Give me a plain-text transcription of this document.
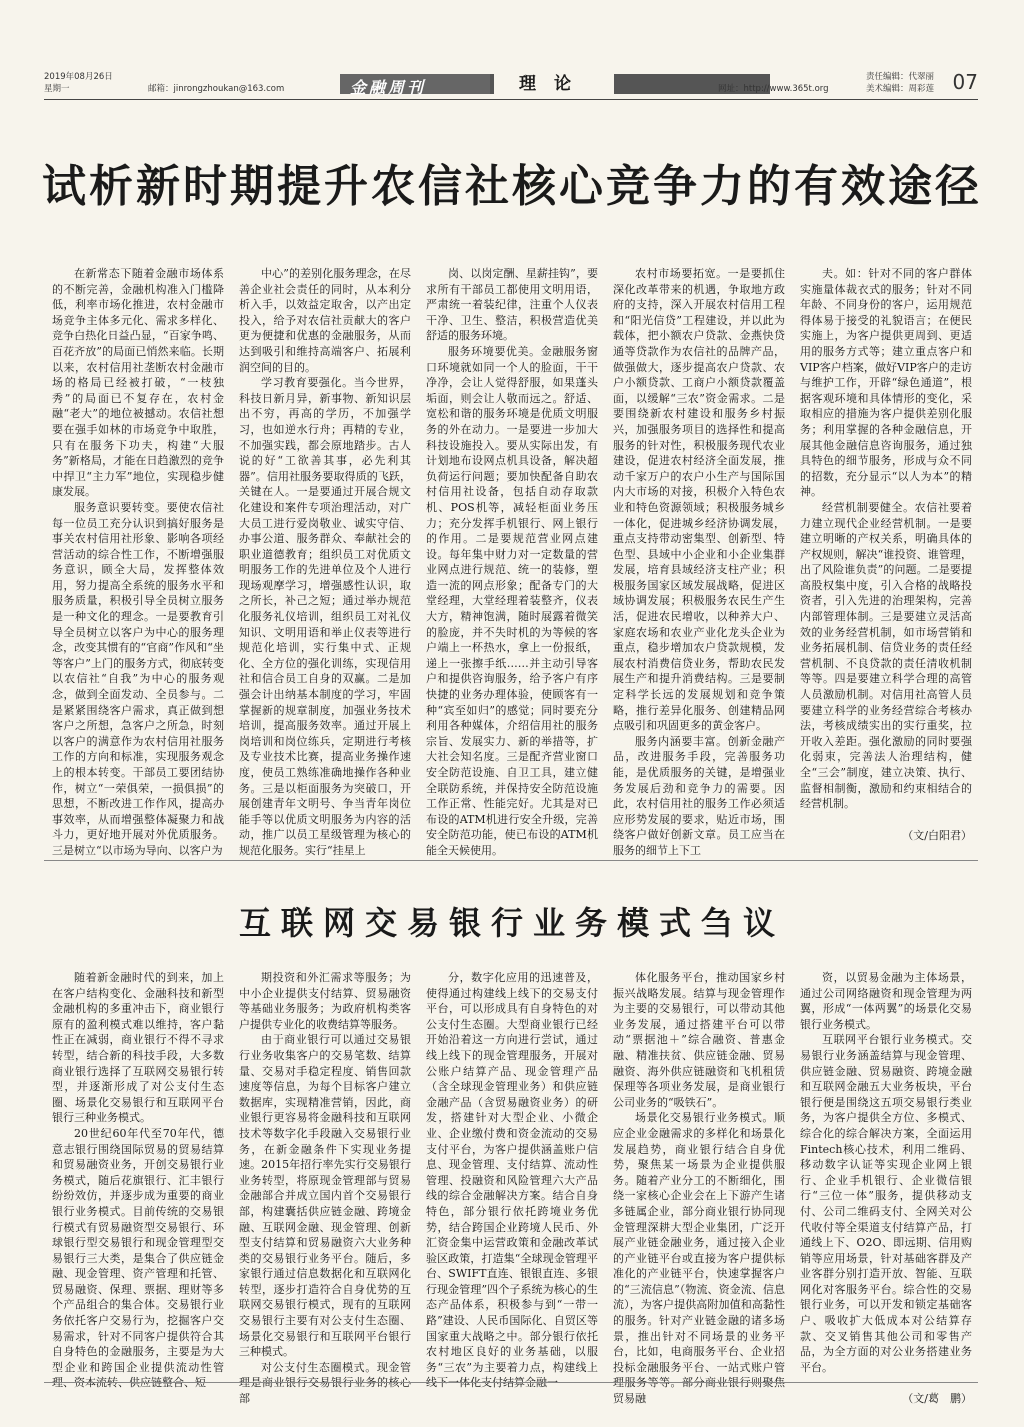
2019年08月26日
星期一	邮箱：jinrongzhoukan@163.com	金融周刊	理论	网址：http://www.365t.org
责任编辑：代翠丽
美术编辑：周彩莲 07
试析新时期提升农信社核心竞争力的有效途径

在新常态下随着金融市场体系的不断完善，金融机构准入门槛降低，利率市场化推进，农村金融市场竞争主体多元化、需求多样化、竞争白热化日益凸显，“百家争鸣、百花齐放”的局面已悄然来临。长期以来，农村信用社垄断农村金融市场的格局已经被打破，“一枝独秀”的局面已不复存在，农村金融“老大”的地位被撼动。农信社想要在强手如林的市场竞争中取胜，只有在服务下功夫，构建“大服务”新格局，才能在日趋激烈的竞争中捍卫“主力军”地位，实现稳步健康发展。

服务意识要转变。要使农信社每一位员工充分认识到搞好服务是事关农村信用社形象、影响各项经营活动的综合性工作，不断增强服务意识，顾全大局，发挥整体效用，努力提高全系统的服务水平和服务质量，积极引导全员树立服务是一种文化的理念。一是要教育引导全员树立以客户为中心的服务理念，改变其惯有的“官商”作风和“坐等客户”上门的服务方式，彻底转变以农信社“自我”为中心的服务观念，做到全面发动、全员参与。二是紧紧围绕客户需求，真正做到想客户之所想，急客户之所急，时刻以客户的满意作为农村信用社服务工作的方向和标准，实现服务观念上的根本转变。干部员工要团结协作，树立“一荣俱荣，一损俱损”的思想，不断改进工作作风，提高办事效率，从而增强整体凝聚力和战斗力，更好地开展对外优质服务。三是树立“以市场为导向、以客户为

中心”的差别化服务理念，在尽善企业社会责任的同时，从本利分析入手，以效益定取舍，以产出定投入，给予对农信社贡献大的客户更为便捷和优惠的金融服务，从而达到吸引和维持高端客户、拓展利润空间的目的。

学习教育要强化。当今世界，科技日新月异，新事物、新知识层出不穷，再高的学历，不加强学习，也如逆水行舟；再精的专业，不加强实践，都会原地踏步。古人说的好“工欲善其事，必先利其器”。信用社服务要取得质的飞跃，关键在人。一是要通过开展合规文化建设和案件专项治理活动，对广大员工进行爱岗敬业、诚实守信、办事公道、服务群众、奉献社会的职业道德教育；组织员工对优质文明服务工作的先进单位及个人进行现场观摩学习，增强感性认识，取之所长，补己之短；通过举办规范化服务礼仪培训，组织员工对礼仪知识、文明用语和举止仪表等进行规范化培训，实行集中式、正规化、全方位的强化训练，实现信用社和信合员工自身的双赢。二是加强会计出纳基本制度的学习，牢固掌握新的规章制度，加强业务技术培训，提高服务效率。通过开展上岗培训和岗位练兵，定期进行考核及专业技术比赛，提高业务操作速度，使员工熟练准确地操作各种业务。三是以柜面服务为突破口，开展创建青年文明号、争当青年岗位能手等以优质文明服务为内容的活动，推广以员工星级管理为核心的规范化服务。实行“挂星上

岗、以岗定酬、星薪挂钩”，要求所有干部员工都使用文明用语，严肃统一着装纪律，注重个人仪表干净、卫生、整洁，积极营造优美舒适的服务环境。

服务环境要优美。金融服务窗口环境就如同一个人的脸面，干干净净，会让人觉得舒服，如果蓬头垢面，则会让人敬而远之。舒适、宽松和谐的服务环境是优质文明服务的外在动力。一是要进一步加大科技设施投入。要从实际出发，有计划地布设网点机具设备，解决超负荷运行问题；要加快配备自助农村信用社设备，包括自动存取款机、POS机等，减轻柜面业务压力；充分发挥手机银行、网上银行的作用。二是要规范营业网点建设。每年集中财力对一定数量的营业网点进行规范、统一的装修，塑造一流的网点形象；配备专门的大堂经理，大堂经理着装整齐，仪表大方，精神饱满，随时展露着微笑的脸庞，并不失时机的为等候的客户端上一杯热水，拿上一份报纸，递上一张擦手纸……并主动引导客户和提供咨询服务，给予客户有序快捷的业务办理体验，使顾客有一种“宾至如归”的感觉；同时要充分利用各种媒体，介绍信用社的服务宗旨、发展实力、新的举措等，扩大社会知名度。三是配齐营业窗口安全防范设施、自卫工具，建立健全联防系统，并保持安全防范设施工作正常、性能完好。尤其是对已布设的ATM机进行安全升级，完善安全防范功能，使已布设的ATM机能全天候使用。

农村市场要拓宽。一是要抓住深化改革带来的机遇，争取地方政府的支持，深入开展农村信用工程和“阳光信贷”工程建设，并以此为载体，把小额农户贷款、金燕快贷通等贷款作为农信社的品牌产品，做强做大，逐步提高农户贷款、农户小额贷款、工商户小额贷款覆盖面，以缓解“三农”资金需求。二是要围绕新农村建设和服务乡村振兴，加强服务项目的选择性和提高服务的针对性，积极服务现代农业建设，促进农村经济全面发展，推动千家万户的农户小生产与国际国内大市场的对接，积极介入特色农业和特色资源领域；积极服务城乡一体化，促进城乡经济协调发展，重点支持带动密集型、创新型、特色型、县域中小企业和小企业集群发展，培育县域经济支柱产业；积极服务国家区域发展战略，促进区域协调发展；积极服务农民生产生活，促进农民增收，以种养大户、家庭农场和农业产业化龙头企业为重点，稳步增加农户贷款规模，发展农村消费信贷业务，帮助农民发展生产和提升消费结构。三是要制定科学长远的发展规划和竞争策略，推行差异化服务、创建精品网点吸引和巩固更多的黄金客户。

服务内涵要丰富。创新金融产品，改进服务手段，完善服务功能，是优质服务的关键，是增强业务发展后劲和竞争力的需要。因此，农村信用社的服务工作必须适应形势发展的要求，贴近市场，围绕客户做好创新文章。员工应当在服务的细节上下工

夫。如：针对不同的客户群体实施量体裁衣式的服务；针对不同年龄、不同身份的客户，运用规范得体易于接受的礼貌语言；在便民实施上，为客户提供更周到、更适用的服务方式等；建立重点客户和VIP客户档案，做好VIP客户的走访与维护工作，开辟“绿色通道”，根据客观环境和具体情形的变化，采取相应的措施为客户提供差别化服务；利用掌握的各种金融信息，开展其他金融信息咨询服务，通过独具特色的细节服务，形成与众不同的招数，充分显示“以人为本”的精神。

经营机制要健全。农信社要着力建立现代企业经营机制。一是要建立明晰的产权关系，明确具体的产权规则，解决“谁投资、谁管理，出了风险谁负责”的问题。二是要提高股权集中度，引入合格的战略投资者，引入先进的治理架构，完善内部管理体制。三是要建立灵活高效的业务经营机制，如市场营销和业务拓展机制、信贷业务的责任经营机制、不良贷款的责任清收机制等等。四是要建立科学合理的高管人员激励机制。对信用社高管人员要建立科学的业务经营综合考核办法，考核成绩实出的实行重奖，拉开收入差距。强化激励的同时要强化弱束，完善法人治理结构，健全“三会”制度，建立决策、执行、监督相制衡，激励和约束相结合的经营机制。

（文/白阳君）

互联网交易银行业务模式刍议

随着新金融时代的到来，加上在客户结构变化、金融科技和新型金融机构的多重冲击下，商业银行原有的盈利模式难以维持，客户黏性正在减弱，商业银行不得不寻求转型，结合新的科技手段，大多数商业银行选择了互联网交易银行转型，并逐渐形成了对公支付生态圈、场景化交易银行和互联网平台银行三种业务模式。

20世纪60年代至70年代，德意志银行围绕国际贸易的贸易结算和贸易融资业务，开创交易银行业务模式，随后花旗银行、汇丰银行纷纷效仿，并逐步成为重要的商业银行业务模式。目前传统的交易银行模式有贸易融资型交易银行、环球银行型交易银行和现金管理型交易银行三大类，是集合了供应链金融、现金管理、资产管理和托管、贸易融资、保理、票据、理财等多个产品组合的集合体。交易银行业务依托客户交易行为，挖掘客户交易需求，针对不同客户提供符合其自身特色的金融服务，主要是为大型企业和跨国企业提供流动性管理、资本流转、供应链整合、短

期投资和外汇需求等服务；为中小企业提供支付结算、贸易融资等基础业务服务；为政府机构类客户提供专业化的收费结算等服务。

由于商业银行可以通过交易银行业务收集客户的交易笔数、结算量、交易对手稳定程度、销售回款速度等信息，为每个目标客户建立数据库，实现精准营销，因此，商业银行更容易将金融科技和互联网技术等数字化手段融入交易银行业务，在新金融条件下实现业务提速。2015年招行率先实行交易银行业务转型，将原现金管理部与贸易金融部合并成立国内首个交易银行部，构建囊括供应链金融、跨境金融、互联网金融、现金管理、创新型支付结算和贸易融资六大业务种类的交易银行业务平台。随后，多家银行通过信息数据化和互联网化转型，逐步打造符合自身优势的互联网交易银行模式，现有的互联网交易银行主要有对公支付生态圈、场景化交易银行和互联网平台银行三种模式。

对公支付生态圈模式。现金管理是商业银行交易银行业务的核心部

分，数字化应用的迅速普及，使得通过构建线上线下的交易支付平台，可以形成具有自身特色的对公支付生态圈。大型商业银行已经开始沿着这一方向进行尝试，通过线上线下的现金管理服务，开展对公账户结算产品、现金管理产品（含全球现金管理业务）和供应链金融产品（含贸易融资业务）的研发，搭建针对大型企业、小微企业、企业缴付费和资金流动的交易支付平台，为客户提供涵盖账户信息、现金管理、支付结算、流动性管理、投融资和风险管理六大产品线的综合金融解决方案。结合自身特色，部分银行依托跨境业务优势，结合跨国企业跨境人民币、外汇资金集中运营政策和金融改革试验区政策，打造集“全球现金管理平台、SWIFT直连、银银直连、多银行现金管理”四个子系统为核心的生态产品体系，积极参与到“一带一路”建设、人民币国际化、自贸区等国家重大战略之中。部分银行依托农村地区良好的业务基础，以服务“三农”为主要着力点，构建线上线下一体化支付结算金融一

体化服务平台，推动国家乡村振兴战略发展。结算与现金管理作为主要的交易银行，可以带动其他业务发展，通过搭建平台可以带动“票据池＋”综合融资、普惠金融、精准扶贫、供应链金融、贸易融资、海外供应链融资和飞机租赁保理等各项业务发展，是商业银行公司业务的“吸铁石”。

场景化交易银行业务模式。顺应企业金融需求的多样化和场景化发展趋势，商业银行结合自身优势，聚焦某一场景为企业提供服务。随着产业分工的不断细化，围绕一家核心企业会在上下游产生诸多链属企业，部分商业银行协同现金管理深耕大型企业集团，广泛开展产业链金融业务，通过接入企业的产业链平台或直接为客户提供标准化的产业链平台，快速掌握客户的“三流信息”（物流、资金流、信息流），为客户提供高附加值和高黏性的服务。针对产业链金融的诸多场景，推出针对不同场景的业务平台，比如，电商服务平台、企业招投标金融服务平台、一站式账户管理服务等等。部分商业银行则聚焦贸易融

资，以贸易金融为主体场景，通过公司网络融资和现金管理为两翼，形成“一体两翼”的场景化交易银行业务模式。

互联网平台银行业务模式。交易银行业务涵盖结算与现金管理、供应链金融、贸易融资、跨境金融和互联网金融五大业务板块，平台银行便是围绕这五项交易银行类业务，为客户提供全方位、多模式、综合化的综合解决方案，全面运用Fintech核心技术，利用二维码、移动数字认证等实现企业网上银行、企业手机银行、企业微信银行“三位一体”服务，提供移动支付、公司二维码支付、全网关对公代收付等全渠道支付结算产品，打通线上下、O2O、即远期、信用购销等应用场景，针对基础客群及产业客群分别打造开放、智能、互联网化对客服务平台。综合性的交易银行业务，可以开发和锁定基础客户、吸收扩大低成本对公结算存款、交叉销售其他公司和零售产品，为全方面的对公业务搭建业务平台。

（文/葛　鹏）
